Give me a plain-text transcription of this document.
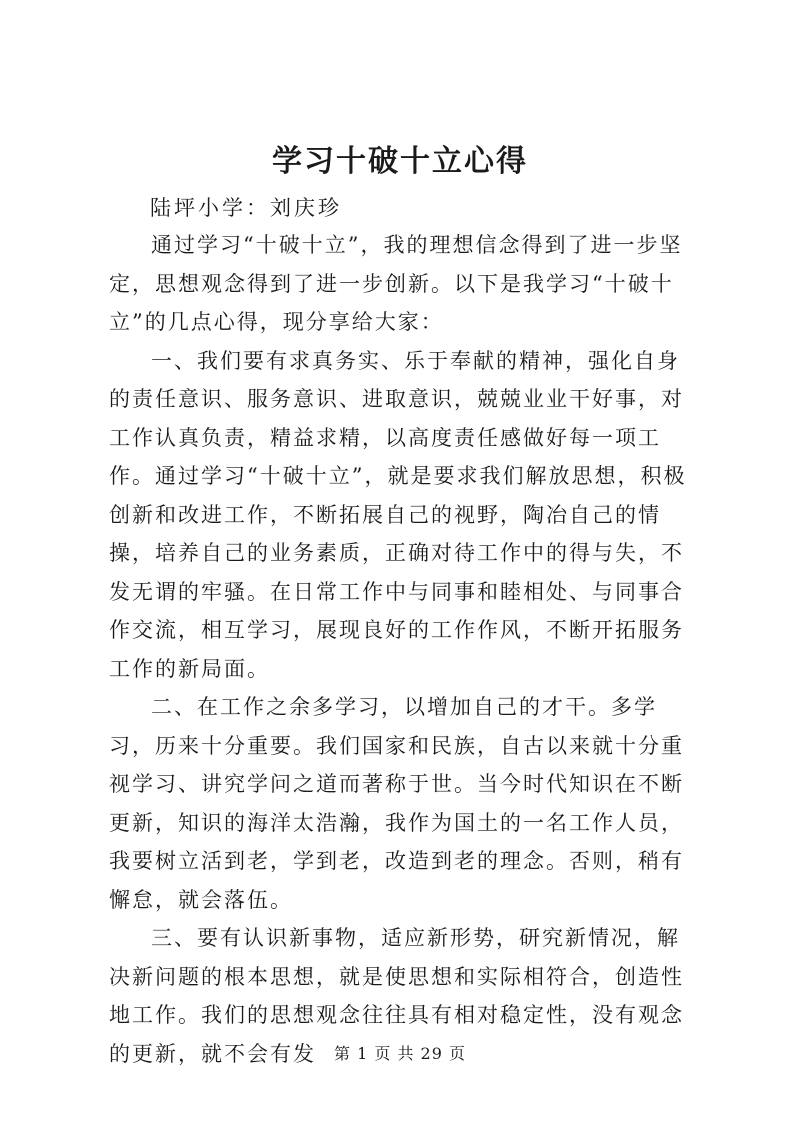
学习十破十立心得
陆坪小学：刘庆珍

通过学习“十破十立”，我的理想信念得到了进一步坚定，思想观念得到了进一步创新。以下是我学习“十破十立”的几点心得，现分享给大家：

一、我们要有求真务实、乐于奉献的精神，强化自身的责任意识、服务意识、进取意识，兢兢业业干好事，对工作认真负责，精益求精，以高度责任感做好每一项工作。通过学习“十破十立”，就是要求我们解放思想，积极创新和改进工作，不断拓展自己的视野，陶冶自己的情操，培养自己的业务素质，正确对待工作中的得与失，不发无谓的牢骚。在日常工作中与同事和睦相处、与同事合作交流，相互学习，展现良好的工作作风，不断开拓服务工作的新局面。

二、在工作之余多学习，以增加自己的才干。多学习，历来十分重要。我们国家和民族，自古以来就十分重视学习、讲究学问之道而著称于世。当今时代知识在不断更新，知识的海洋太浩瀚，我作为国土的一名工作人员，我要树立活到老，学到老，改造到老的理念。否则，稍有懈怠，就会落伍。

三、要有认识新事物，适应新形势，研究新情况，解决新问题的根本思想，就是使思想和实际相符合，创造性地工作。我们的思想观念往往具有相对稳定性，没有观念的更新，就不会有发	第 1 页 共 29 页
